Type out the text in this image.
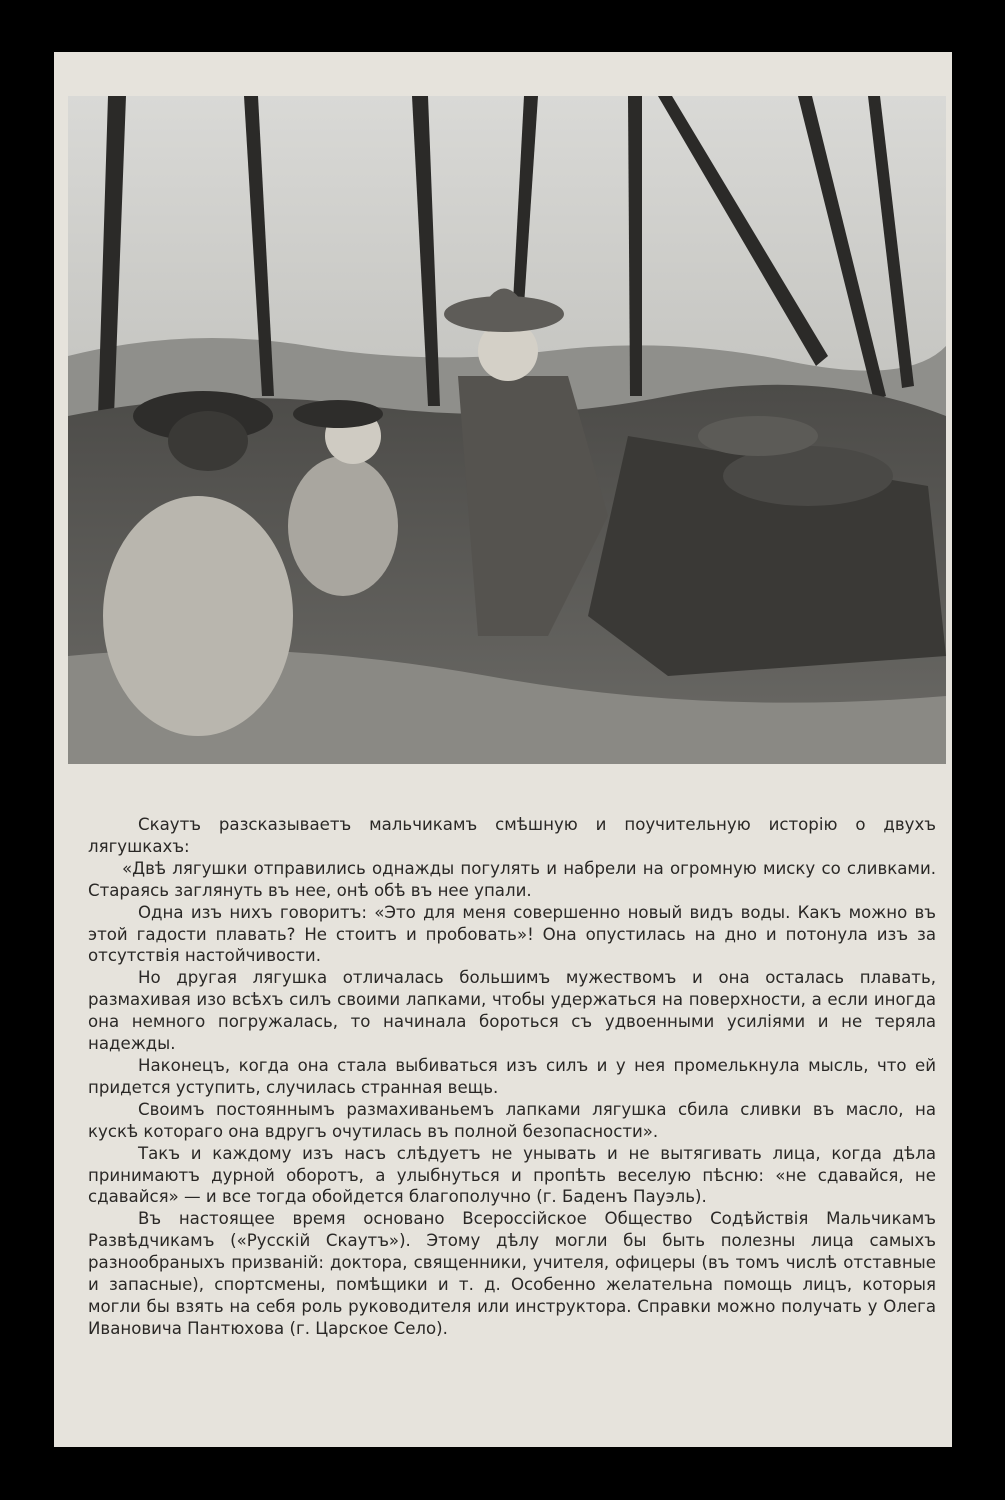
Скаутъ разсказываетъ мальчикамъ смѣшную и поучительную исторію о двухъ лягушкахъ:

«Двѣ лягушки отправились однажды погулять и набрели на огромную миску со сливками. Стараясь заглянуть въ нее, онѣ обѣ въ нее упали.

Одна изъ нихъ говоритъ: «Это для меня совершенно новый видъ воды. Какъ можно въ этой гадости плавать? Не стоитъ и пробовать»! Она опустилась на дно и потонула изъ за отсутствія настойчивости.

Но другая лягушка отличалась большимъ мужествомъ и она осталась плавать, размахивая изо всѣхъ силъ своими лапками, чтобы удержаться на поверхности, а если иногда она немного погружалась, то начинала бороться съ удвоенными усиліями и не теряла надежды.

Наконецъ, когда она стала выбиваться изъ силъ и у нея промелькнула мысль, что ей придется уступить, случилась странная вещь.

Своимъ постояннымъ размахиваньемъ лапками лягушка сбила сливки въ масло, на кускѣ котораго она вдругъ очутилась въ полной безопасности».

Такъ и каждому изъ насъ слѣдуетъ не унывать и не вытягивать лица, когда дѣла принимаютъ дурной оборотъ, а улыбнуться и пропѣть веселую пѣсню: «не сдавайся, не сдавайся» — и все тогда обойдется благополучно (г. Баденъ Пауэль).

Въ настоящее время основано Всероссійское Общество Содѣйствія Мальчикамъ Развѣдчикамъ («Русскій Скаутъ»). Этому дѣлу могли бы быть полезны лица самыхъ разнообраныхъ призваній: доктора, священники, учителя, офицеры (въ томъ числѣ отставные и запасные), спортсмены, помѣщики и т. д. Особенно желательна помощь лицъ, которыя могли бы взять на себя роль руководителя или инструктора. Справки можно получать у Олега Ивановича Пантюхова (г. Царское Село).
